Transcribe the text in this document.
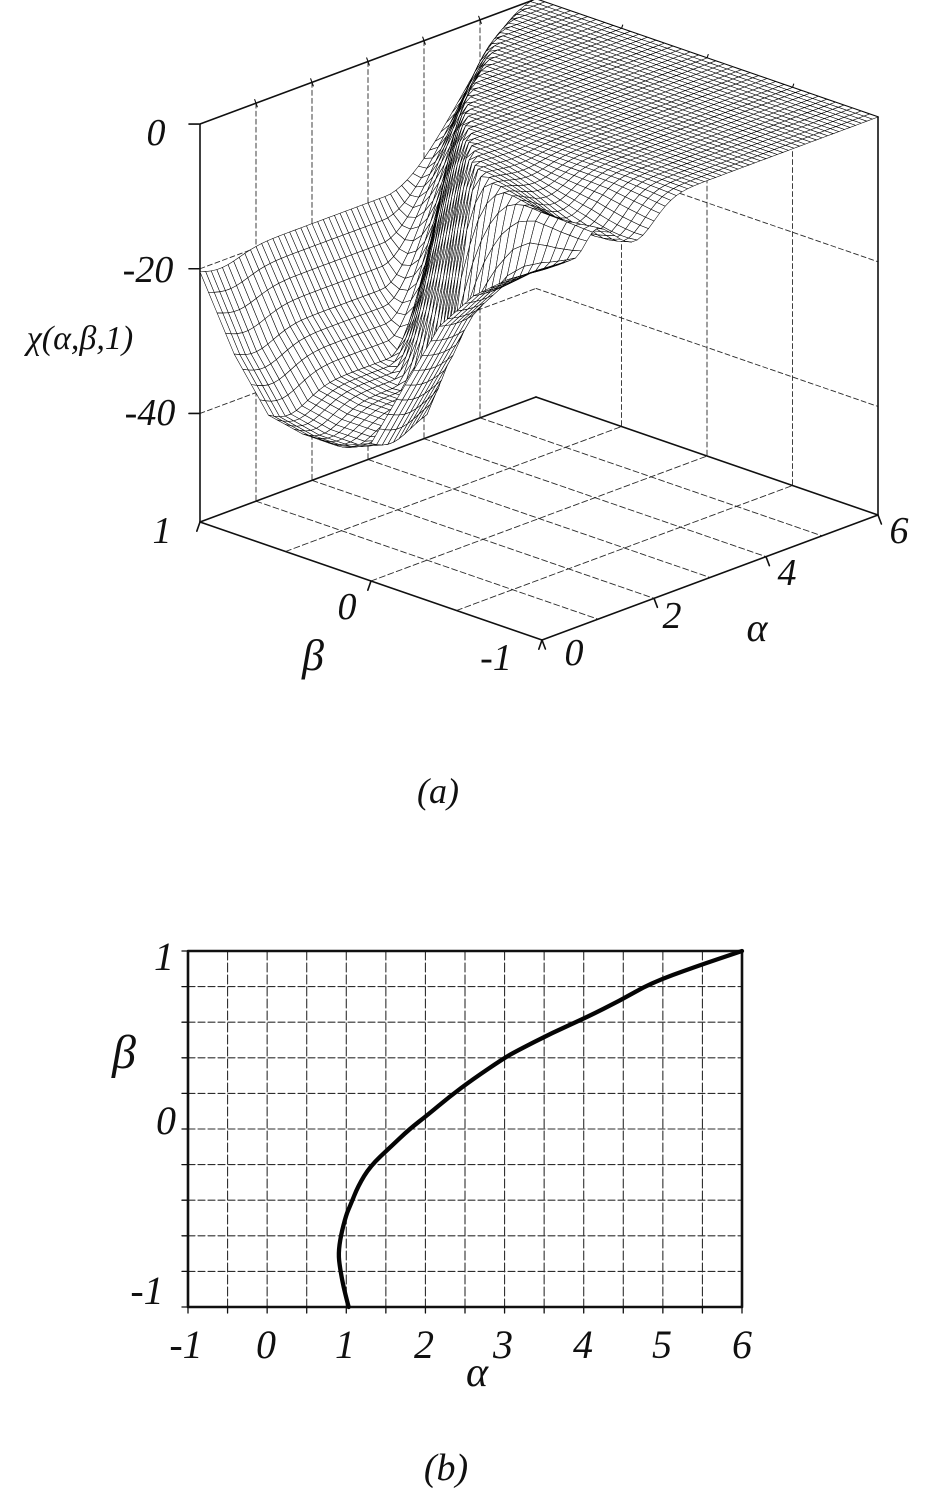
0
-20
χ(α,β,1)
-40
1
0
β	-1 0
2 α
4
6
(a)
1
β
0
-1
-1 0 1 2 3 4 5 6
α
(b)
